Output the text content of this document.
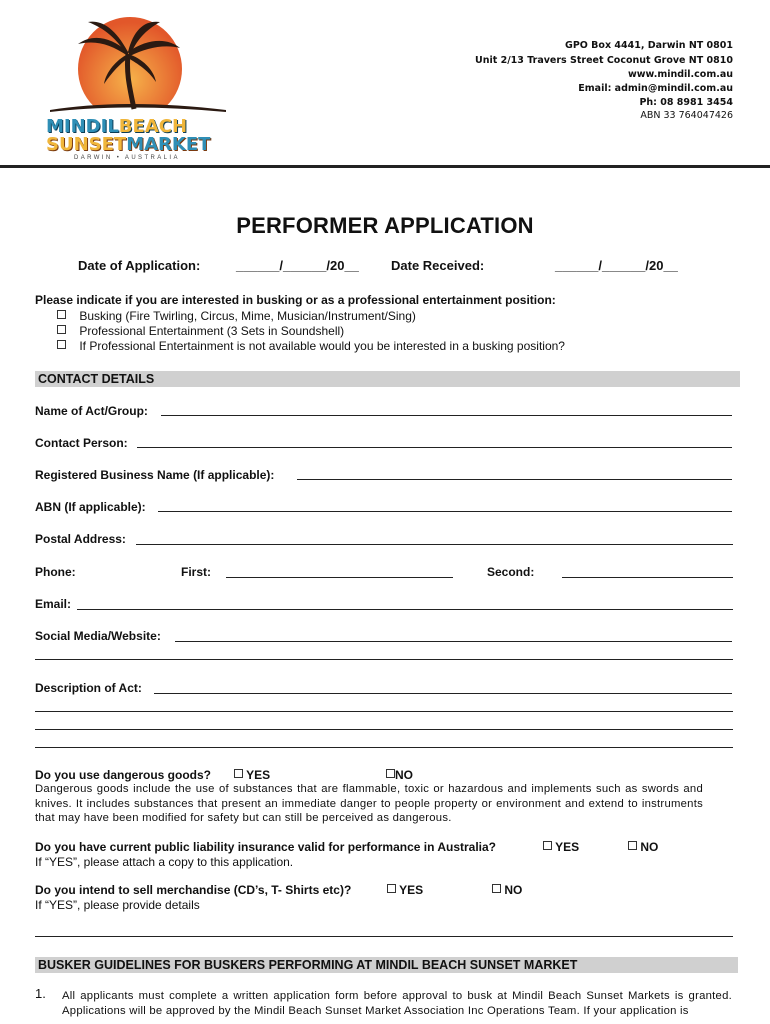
MINDILBEACH
SUNSETMARKET
DARWIN • AUSTRALIA
GPO Box 4441, Darwin NT 0801
Unit 2/13 Travers Street Coconut Grove NT 0810
www.mindil.com.au
Email: admin@mindil.com.au
Ph: 08 8981 3454
ABN 33 764047426
PERFORMER APPLICATION
Date of Application:	______/______/20__ Date Received:	______/______/20__
Please indicate if you are interested in busking or as a professional entertainment position:
Busking (Fire Twirling, Circus, Mime, Musician/Instrument/Sing)
Professional Entertainment (3 Sets in Soundshell)
If Professional Entertainment is not available would you be interested in a busking position?
CONTACT DETAILS
Name of Act/Group:
Contact Person:
Registered Business Name (If applicable):
ABN (If applicable):
Postal Address:
Phone:	First:	Second:
Email:
Social Media/Website:
Description of Act:
Do you use dangerous goods?	YES	NO
Dangerous goods include the use of substances that are flammable, toxic or hazardous and implements such as swords and knives. It includes substances that present an immediate danger to people property or environment and extend to instruments that may have been modified for safety but can still be perceived as dangerous.
Do you have current public liability insurance valid for performance in Australia?	YES	NO
If “YES”, please attach a copy to this application.
Do you intend to sell merchandise (CD’s, T- Shirts etc)?	YES	NO
If “YES”, please provide details
BUSKER GUIDELINES FOR BUSKERS PERFORMING AT MINDIL BEACH SUNSET MARKET
1. All applicants must complete a written application form before approval to busk at Mindil Beach Sunset Markets is granted. Applications will be approved by the Mindil Beach Sunset Market Association Inc Operations Team. If your application is
